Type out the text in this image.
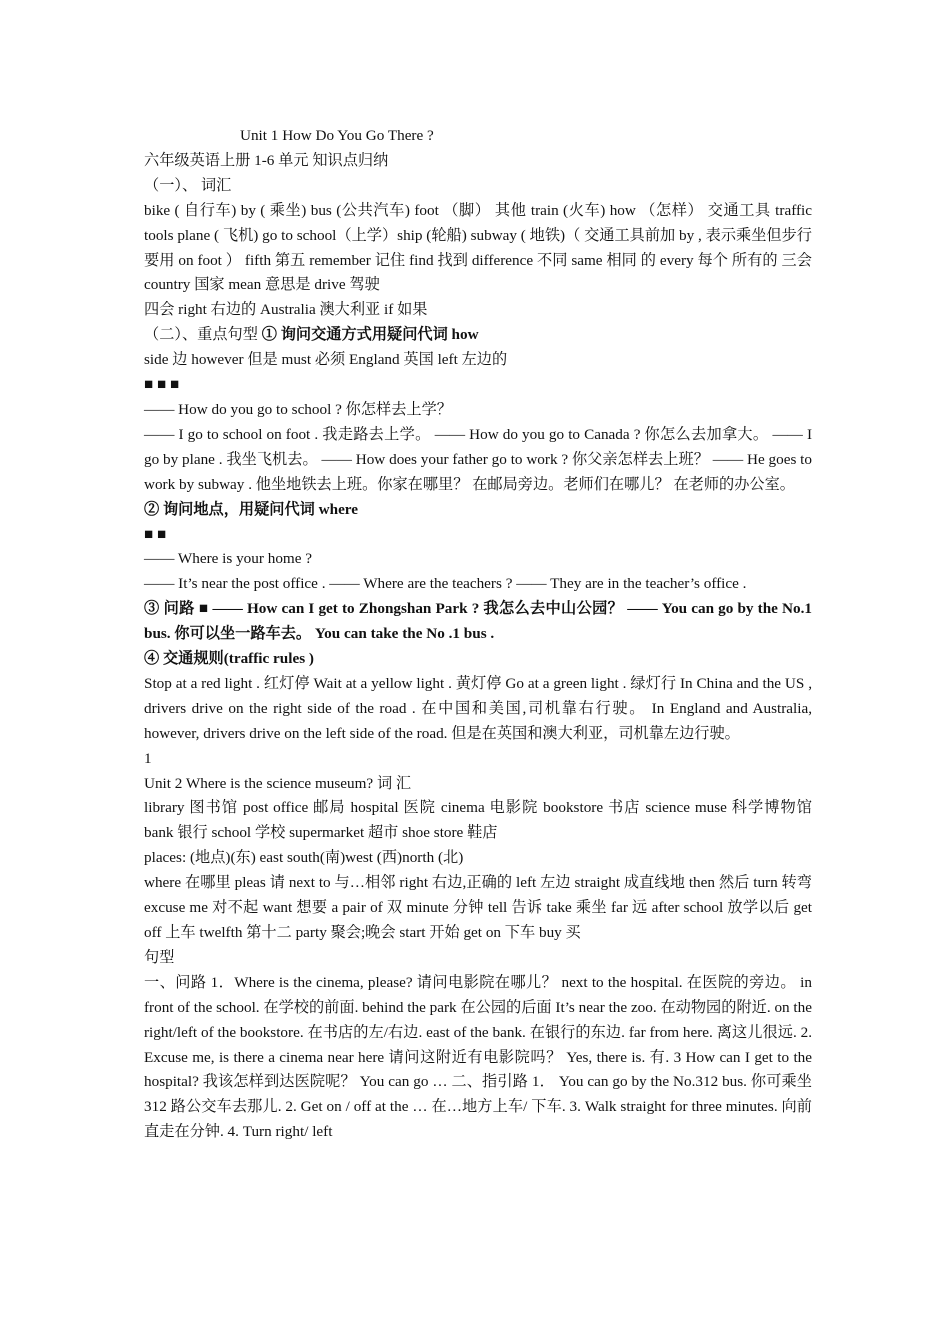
Unit 1 How Do You Go There ?

六年级英语上册 1-6 单元 知识点归纳

（一）、 词汇

bike ( 自行车) by ( 乘坐) bus (公共汽车) foot （脚） 其他 train (火车) how （怎样） 交通工具 traffic tools plane ( 飞机) go to school（上学）ship (轮船) subway ( 地铁)（ 交通工具前加 by , 表示乘坐但步行要用 on foot ） fifth 第五 remember 记住 find 找到 difference 不同 same 相同 的 every 每个 所有的 三会 country 国家 mean 意思是 drive 驾驶

四会 right 右边的 Australia 澳大利亚 if 如果

（二）、重点句型 ① 询问交通方式用疑问代词 how

side 边 however 但是 must 必须 England 英国 left 左边的

■ ■ ■

—— How do you go to school ? 你怎样去上学？

—— I go to school on foot . 我走路去上学。 —— How do you go to Canada ? 你怎么去加拿大。 —— I go by plane . 我坐飞机去。 —— How does your father go to work ? 你父亲怎样去上班？ —— He goes to work by subway . 他坐地铁去上班。你家在哪里？ 在邮局旁边。老师们在哪儿？ 在老师的办公室。

② 询问地点，用疑问代词 where

■ ■

—— Where is your home ?

—— It’s near the post office . —— Where are the teachers ? —— They are in the teacher’s office .

③ 问路 ■ —— How can I get to Zhongshan Park ? 我怎么去中山公园？ —— You can go by the No.1 bus. 你可以坐一路车去。 You can take the No .1 bus .

④ 交通规则(traffic rules )

Stop at a red light . 红灯停 Wait at a yellow light . 黄灯停 Go at a green light . 绿灯行 In China and the US , drivers drive on the right side of the road . 在中国和美国,司机靠右行驶。 In England and Australia, however, drivers drive on the left side of the road. 但是在英国和澳大利亚，司机靠左边行驶。

1

Unit 2 Where is the science museum? 词 汇

library 图书馆 post office 邮局 hospital 医院 cinema 电影院 bookstore 书店 science muse 科学博物馆 bank 银行 school 学校 supermarket 超市 shoe store 鞋店

places: (地点)(东) east south(南)west (西)north (北)

where 在哪里 pleas 请 next to 与…相邻 right 右边,正确的 left 左边 straight 成直线地 then 然后 turn 转弯 excuse me 对不起 want 想要 a pair of 双 minute 分钟 tell 告诉 take 乘坐 far 远 after school 放学以后 get off 上车 twelfth 第十二 party 聚会;晚会 start 开始 get on 下车 buy 买

句型

一、问路 1．Where is the cinema, please? 请问电影院在哪儿？ next to the hospital. 在医院的旁边。 in front of the school. 在学校的前面. behind the park 在公园的后面 It’s near the zoo. 在动物园的附近. on the right/left of the bookstore. 在书店的左/右边. east of the bank. 在银行的东边. far from here. 离这儿很远. 2. Excuse me, is there a cinema near here 请问这附近有电影院吗？ Yes, there is. 有. 3 How can I get to the hospital? 我该怎样到达医院呢？ You can go … 二、指引路 1． You can go by the No.312 bus. 你可乘坐 312 路公交车去那儿. 2. Get on / off at the … 在…地方上车/ 下车. 3. Walk straight for three minutes. 向前直走在分钟. 4. Turn right/ left
